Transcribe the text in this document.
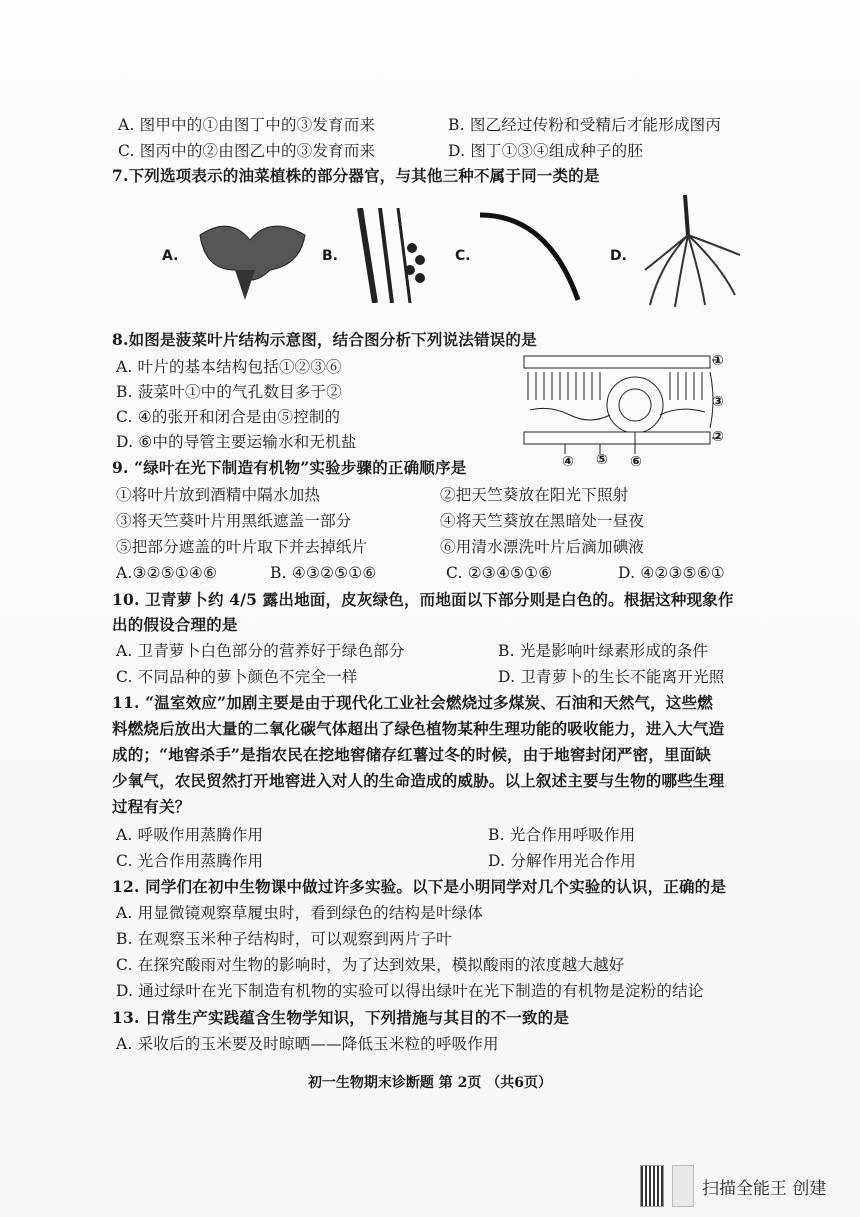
A. 图甲中的①由图丁中的③发育而来	B. 图乙经过传粉和受精后才能形成图丙
C. 图丙中的②由图乙中的③发育而来	D. 图丁①③④组成种子的胚
7.下列选项表示的油菜植株的部分器官，与其他三种不属于同一类的是
A.	B.	C.	D.
8.如图是菠菜叶片结构示意图，结合图分析下列说法错误的是
A. 叶片的基本结构包括①②③⑥
B. 菠菜叶①中的气孔数目多于②
C. ④的张开和闭合是由⑤控制的
D. ⑥中的导管主要运输水和无机盐
①
③
②
④ ⑤ ⑥
9. “绿叶在光下制造有机物”实验步骤的正确顺序是
①将叶片放到酒精中隔水加热	②把天竺葵放在阳光下照射
③将天竺葵叶片用黑纸遮盖一部分	④将天竺葵放在黑暗处一昼夜
⑤把部分遮盖的叶片取下并去掉纸片	⑥用清水漂洗叶片后滴加碘液
A.③②⑤①④⑥	B. ④③②⑤①⑥	C. ②③④⑤①⑥	D. ④②③⑤⑥①
10. 卫青萝卜约 4/5 露出地面，皮灰绿色，而地面以下部分则是白色的。根据这种现象作
出的假设合理的是
A. 卫青萝卜白色部分的营养好于绿色部分	B. 光是影响叶绿素形成的条件
C. 不同品种的萝卜颜色不完全一样	D. 卫青萝卜的生长不能离开光照
11. “温室效应”加剧主要是由于现代化工业社会燃烧过多煤炭、石油和天然气，这些燃
料燃烧后放出大量的二氧化碳气体超出了绿色植物某种生理功能的吸收能力，进入大气造
成的；“地窖杀手”是指农民在挖地窖储存红薯过冬的时候，由于地窖封闭严密，里面缺
少氧气，农民贸然打开地窖进入对人的生命造成的威胁。以上叙述主要与生物的哪些生理
过程有关？
A. 呼吸作用蒸腾作用	B. 光合作用呼吸作用
C. 光合作用蒸腾作用	D. 分解作用光合作用
12. 同学们在初中生物课中做过许多实验。以下是小明同学对几个实验的认识，正确的是
A. 用显微镜观察草履虫时，看到绿色的结构是叶绿体
B. 在观察玉米种子结构时，可以观察到两片子叶
C. 在探究酸雨对生物的影响时，为了达到效果，模拟酸雨的浓度越大越好
D. 通过绿叶在光下制造有机物的实验可以得出绿叶在光下制造的有机物是淀粉的结论
13. 日常生产实践蕴含生物学知识，下列措施与其目的不一致的是
A. 采收后的玉米要及时晾晒——降低玉米粒的呼吸作用
初一生物期末诊断题 第 2页 （共6页）
扫描全能王 创建
